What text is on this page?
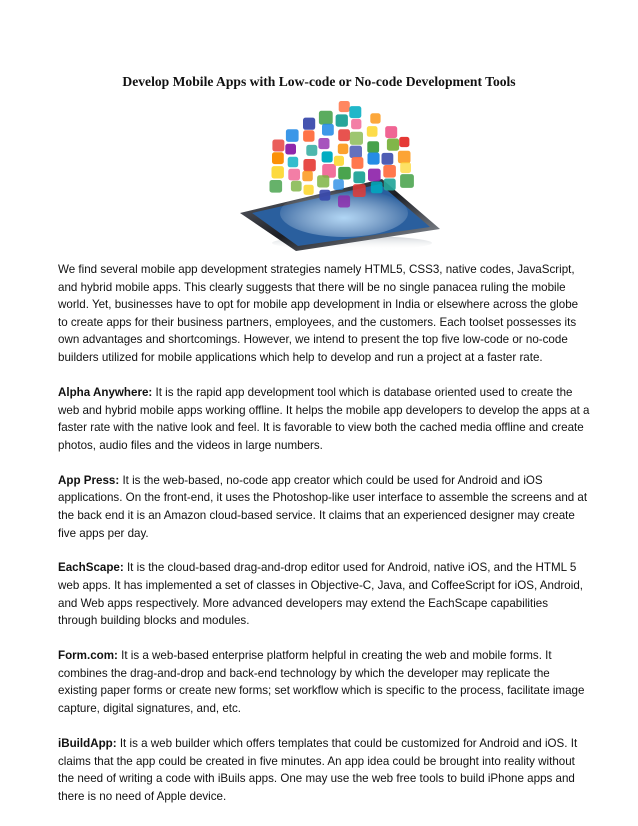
Develop Mobile Apps with Low-code or No-code Development Tools

We find several mobile app development strategies namely HTML5, CSS3, native codes, JavaScript, and hybrid mobile apps. This clearly suggests that there will be no single panacea ruling the mobile world. Yet, businesses have to opt for mobile app development in India or elsewhere across the globe to create apps for their business partners, employees, and the customers. Each toolset possesses its own advantages and shortcomings. However, we intend to present the top five low-code or no-code builders utilized for mobile applications which help to develop and run a project at a faster rate.

Alpha Anywhere: It is the rapid app development tool which is database oriented used to create the web and hybrid mobile apps working offline. It helps the mobile app developers to develop the apps at a faster rate with the native look and feel. It is favorable to view both the cached media offline and create photos, audio files and the videos in large numbers.

App Press: It is the web-based, no-code app creator which could be used for Android and iOS applications. On the front-end, it uses the Photoshop-like user interface to assemble the screens and at the back end it is an Amazon cloud-based service. It claims that an experienced designer may create five apps per day.

EachScape: It is the cloud-based drag-and-drop editor used for Android, native iOS, and the HTML 5 web apps. It has implemented a set of classes in Objective-C, Java, and CoffeeScript for iOS, Android, and Web apps respectively. More advanced developers may extend the EachScape capabilities through building blocks and modules.

Form.com: It is a web-based enterprise platform helpful in creating the web and mobile forms. It combines the drag-and-drop and back-end technology by which the developer may replicate the existing paper forms or create new forms; set workflow which is specific to the process, facilitate image capture, digital signatures, and, etc.

iBuildApp: It is a web builder which offers templates that could be customized for Android and iOS. It claims that the app could be created in five minutes. An app idea could be brought into reality without the need of writing a code with iBuils apps. One may use the web free tools to build iPhone apps and there is no need of Apple device.
